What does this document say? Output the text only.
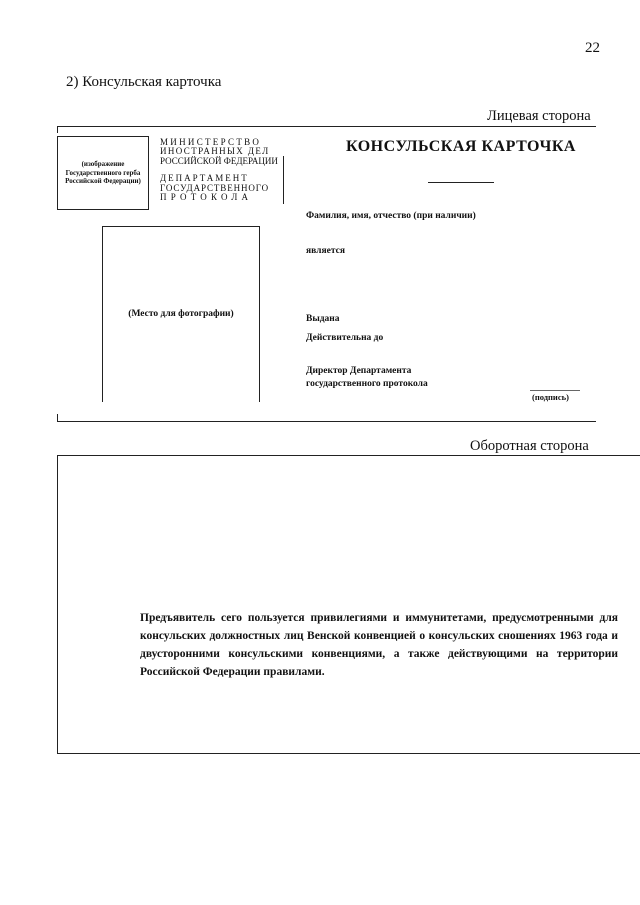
22
2) Консульская карточка
Лицевая сторона
(изображение Государственного герба Российской Федерации)
МИНИСТЕРСТВО
ИНОСТРАННЫХ ДЕЛ
РОССИЙСКОЙ ФЕДЕРАЦИИ
ДЕПАРТАМЕНТ
ГОСУДАРСТВЕННОГО
ПРОТОКОЛА
КОНСУЛЬСКАЯ КАРТОЧКА
Фамилия, имя, отчество (при наличии)
является
(Место для фотографии)	Выдана
Действительна до
Директор Департамента
государственного протокола
(подпись)
Оборотная сторона
Предъявитель сего пользуется привилегиями и иммунитетами, предусмотренными для консульских должностных лиц Венской конвенцией о консульских сношениях 1963 года и двусторонними консульскими конвенциями, а также действующими на территории Российской Федерации правилами.
